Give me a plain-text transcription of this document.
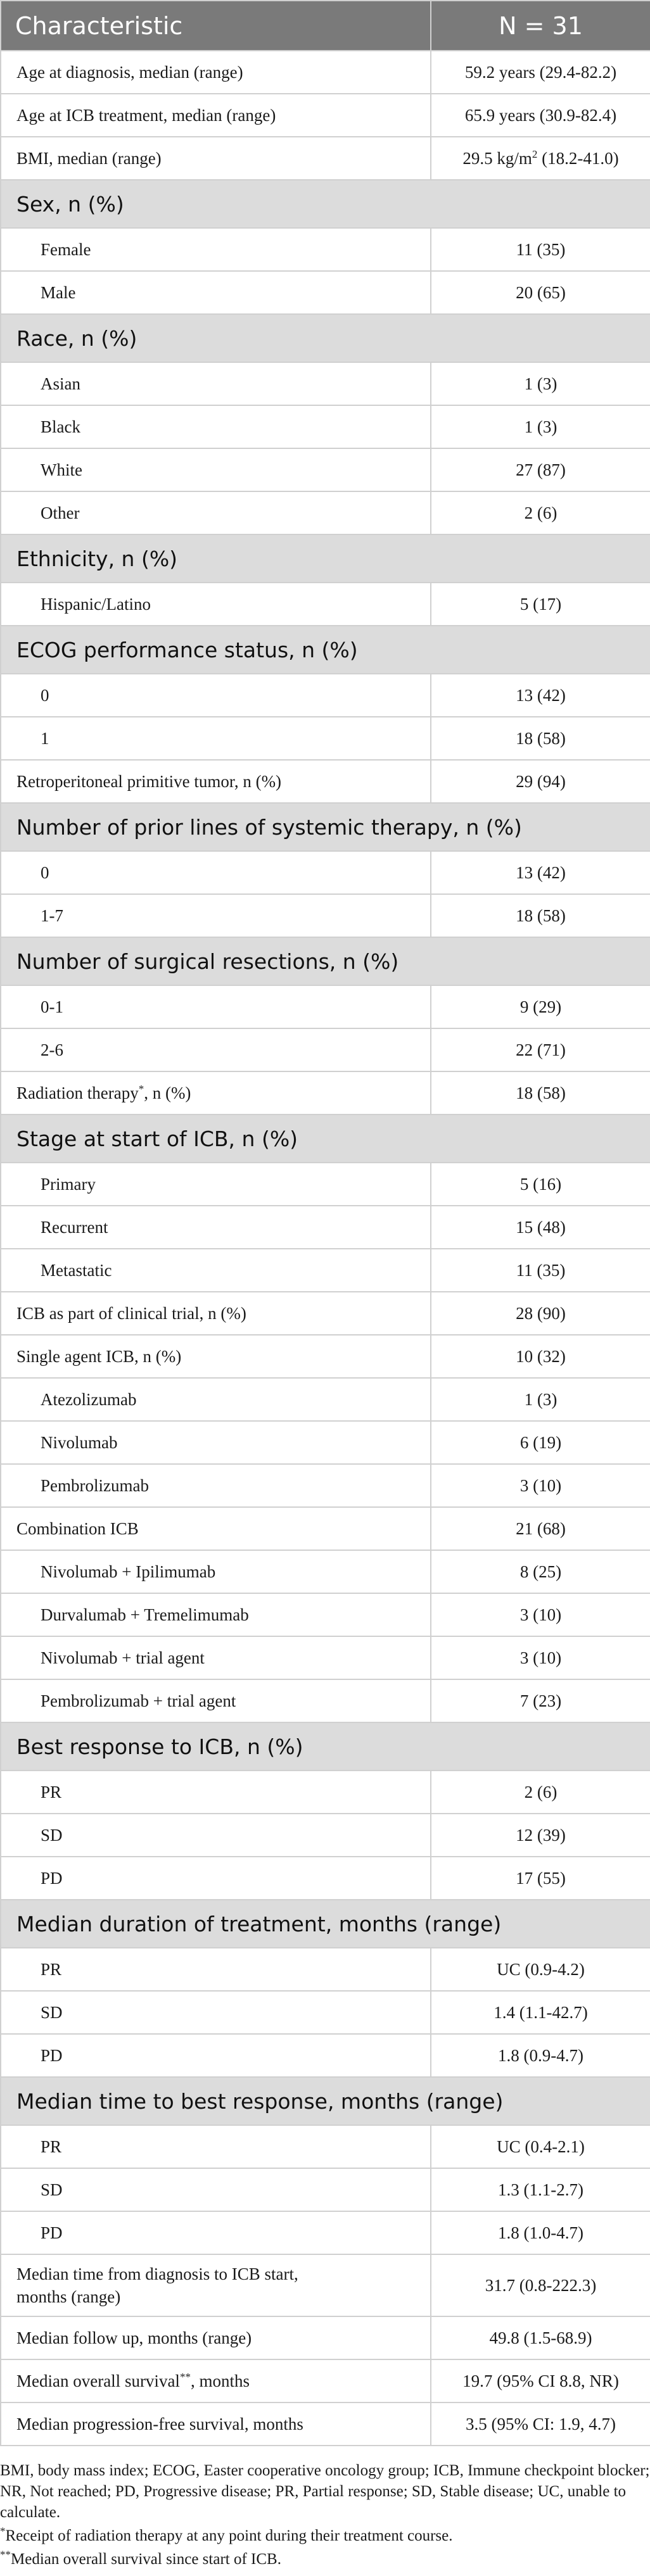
Characteristic	N = 31
Age at diagnosis, median (range)	59.2 years (29.4-82.2)
Age at ICB treatment, median (range)	65.9 years (30.9-82.4)
BMI, median (range)	29.5 $kg/m^2$ (18.2-41.0)
Sex, n (%)	
Female	11 (35)
Male	20 (65)
Race, n (%)	
Asian	1 (3)
Black	1 (3)
White	27 (87)
Other	2 (6)
Ethnicity, n (%)	
Hispanic/Latino	5 (17)
ECOG performance status, n (%)	
0	13 (42)
1	18 (58)
Retroperitoneal primitive tumor, n (%)	29 (94)
Number of prior lines of systemic therapy, n (%)	
0	13 (42)
1-7	18 (58)
Number of surgical resections, n (%)	
0-1	9 (29)
2-6	22 (71)
Radiation therapy*, n (%)	18 (58)
Stage at start of ICB, n (%)	
Primary	5 (16)
Recurrent	15 (48)
Metastatic	11 (35)
ICB as part of clinical trial, n (%)	28 (90)
Single agent ICB, n (%)	10 (32)
Atezolizumab	1 (3)
Nivolumab	6 (19)
Pembrolizumab	3 (10)
Combination ICB	21 (68)
Nivolumab + Ipilimumab	8 (25)
Durvalumab + Tremelimumab	3 (10)
Nivolumab + trial agent	3 (10)
Pembrolizumab + trial agent	7 (23)
Best response to ICB, n (%)	
PR	2 (6)
SD	12 (39)
PD	17 (55)
Median duration of treatment, months (range)	
PR	UC (0.9-4.2)
SD	1.4 (1.1-42.7)
PD	1.8 (0.9-4.7)
Median time to best response, months (range)	
PR	UC (0.4-2.1)
SD	1.3 (1.1-2.7)
PD	1.8 (1.0-4.7)
Median time from diagnosis to ICB start,
months (range)	31.7 (0.8-222.3)
Median follow up, months (range)	49.8 (1.5-68.9)
Median overall survival**, months	19.7 (95% CI 8.8, NR)
Median progression-free survival, months	3.5 (95% CI: 1.9, 4.7)

BMI, body mass index; ECOG, Easter cooperative oncology group; ICB, Immune checkpoint blocker; NR, Not reached; PD, Progressive disease; PR, Partial response; SD, Stable disease; UC, unable to calculate.

*Receipt of radiation therapy at any point during their treatment course.

**Median overall survival since start of ICB.
